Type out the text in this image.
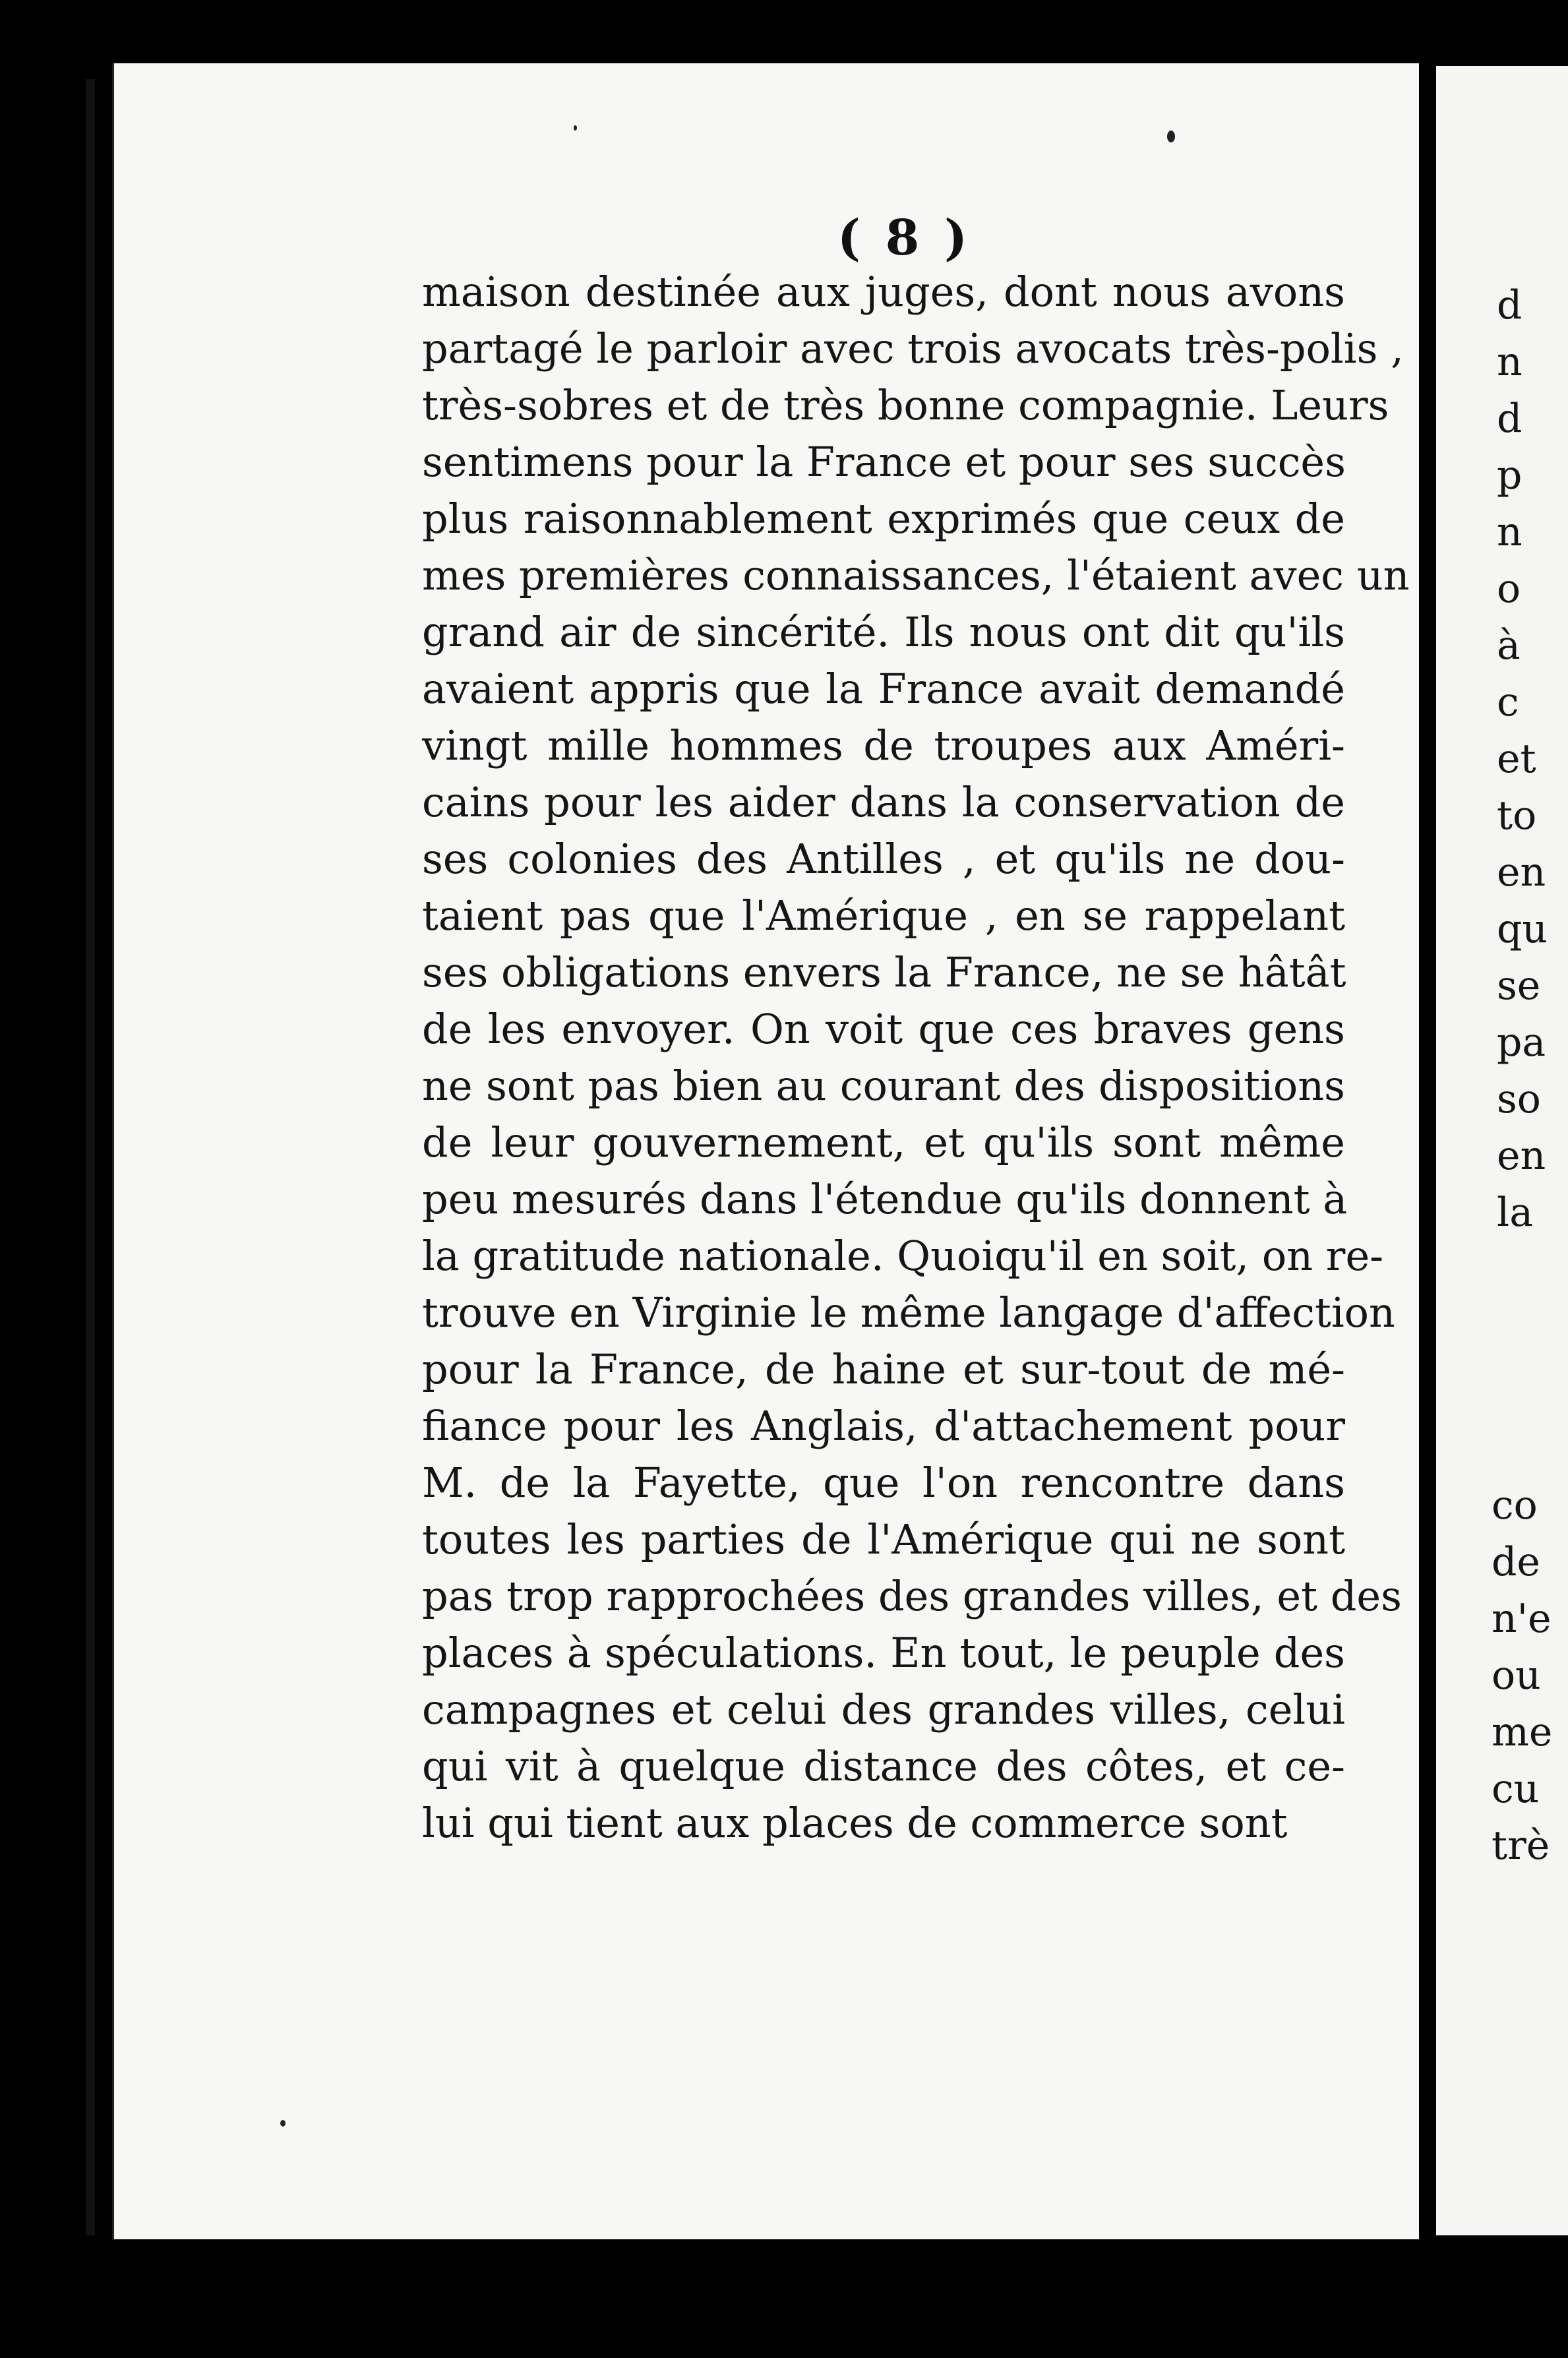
( 8 )
maison destinée aux juges, dont nous avons
partagé le parloir avec trois avocats très-polis ,
très-sobres et de très bonne compagnie. Leurs
sentimens pour la France et pour ses succès
plus raisonnablement exprimés que ceux de
mes premières connaissances, l'étaient avec un
grand air de sincérité. Ils nous ont dit qu'ils
avaient appris que la France avait demandé
vingt mille hommes de troupes aux Améri-
cains pour les aider dans la conservation de
ses colonies des Antilles , et qu'ils ne dou-
taient pas que l'Amérique , en se rappelant
ses obligations envers la France, ne se hâtât
de les envoyer. On voit que ces braves gens
ne sont pas bien au courant des dispositions
de leur gouvernement, et qu'ils sont même
peu mesurés dans l'étendue qu'ils donnent à
la gratitude nationale. Quoiqu'il en soit, on re-
trouve en Virginie le même langage d'affection
pour la France, de haine et sur-tout de mé-
fiance pour les Anglais, d'attachement pour
M. de la Fayette, que l'on rencontre dans
toutes les parties de l'Amérique qui ne sont
pas trop rapprochées des grandes villes, et des
places à spéculations. En tout, le peuple des
campagnes et celui des grandes villes, celui
qui vit à quelque distance des côtes, et ce-
lui qui tient aux places de commerce sont
d
n
d
p
n
o
à
c
et
to
en
qu
se
pa
so
en
la
co
de
n'e
ou
me
cu
trè
